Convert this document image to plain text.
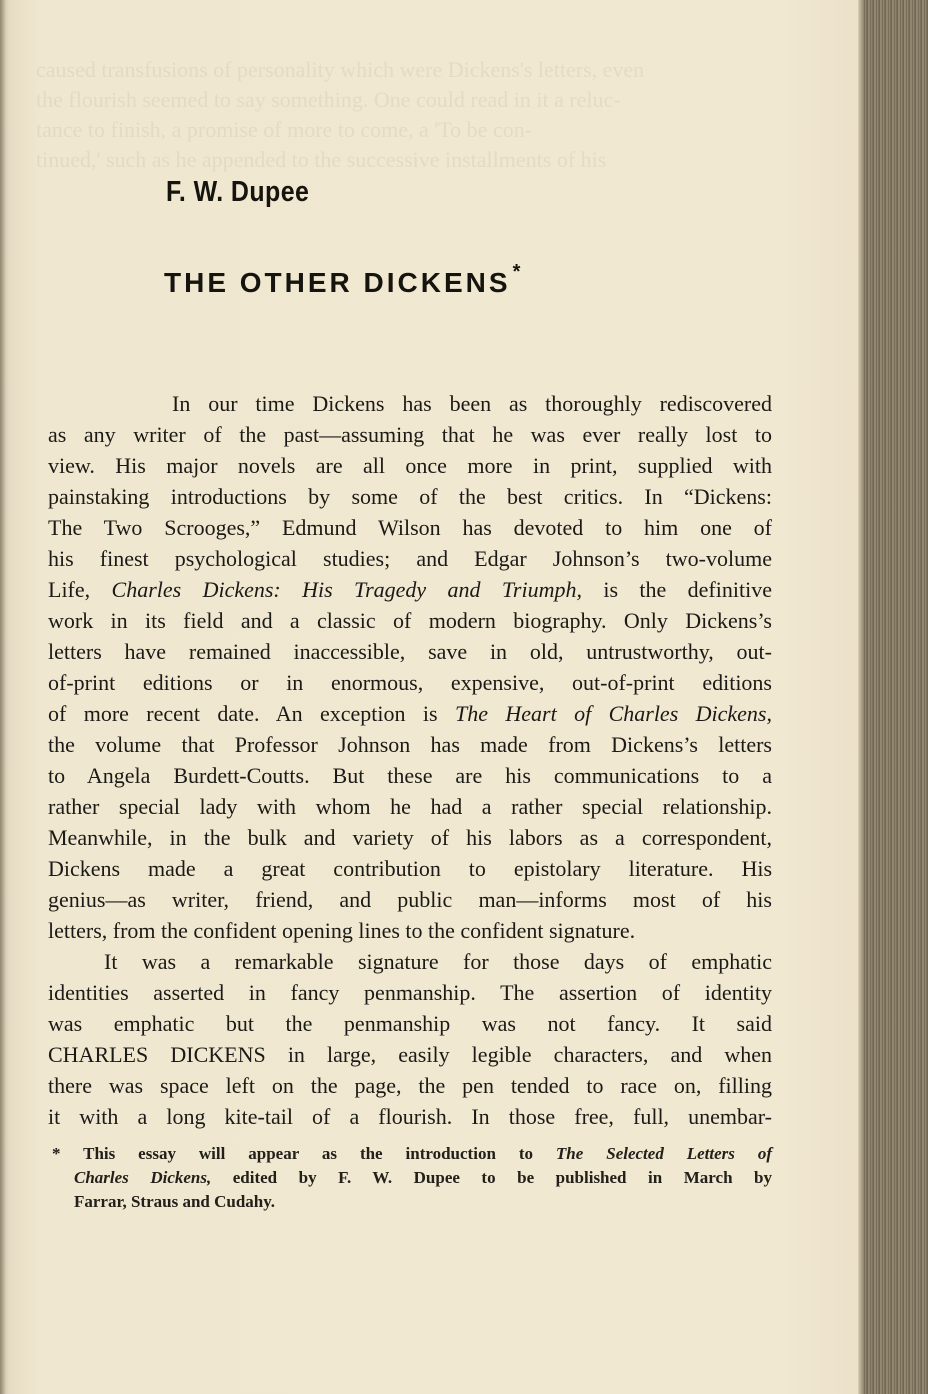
caused transfusions of personality which were Dickens's letters, even
the flourish seemed to say something. One could read in it a reluc-
tance to finish, a promise of more to come, a 'To be con-
tinued,' such as he appended to the successive installments of his
F. W. Dupee
THE OTHER DICKENS *
In our time Dickens has been as thoroughly rediscovered
as any writer of the past—assuming that he was ever really lost to
view. His major novels are all once more in print, supplied with
painstaking introductions by some of the best critics. In “Dickens:
The Two Scrooges,” Edmund Wilson has devoted to him one of
his finest psychological studies; and Edgar Johnson’s two-volume
Life, Charles Dickens: His Tragedy and Triumph, is the definitive
work in its field and a classic of modern biography. Only Dickens’s
letters have remained inaccessible, save in old, untrustworthy, out-
of-print editions or in enormous, expensive, out-of-print editions
of more recent date. An exception is The Heart of Charles Dickens,
the volume that Professor Johnson has made from Dickens’s letters
to Angela Burdett-Coutts. But these are his communications to a
rather special lady with whom he had a rather special relationship.
Meanwhile, in the bulk and variety of his labors as a correspondent,
Dickens made a great contribution to epistolary literature. His
genius—as writer, friend, and public man—informs most of his
letters, from the confident opening lines to the confident signature.
It was a remarkable signature for those days of emphatic
identities asserted in fancy penmanship. The assertion of identity
was emphatic but the penmanship was not fancy. It said
CHARLES DICKENS in large, easily legible characters, and when
there was space left on the page, the pen tended to race on, filling
it with a long kite-tail of a flourish. In those free, full, unembar-
* This essay will appear as the introduction to The Selected Letters of
Charles Dickens, edited by F. W. Dupee to be published in March by
Farrar, Straus and Cudahy.
